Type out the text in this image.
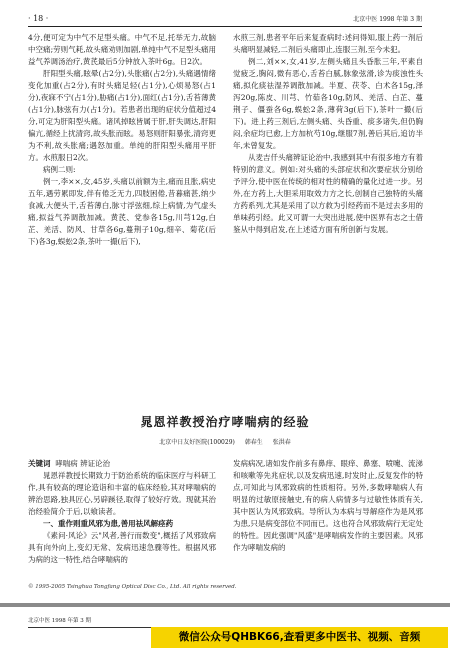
· 18 ·	北京中医 1998 年第 3 期

4分,便可定为中气不足型头痛。中气不足,托举无力,故脑中空痛;劳则气耗,故头痛劝则加剧,单纯中气不足型头痛用益气养调汤治疗,黄芪最后5分钟放入茶叶6g。日2次。

肝阳型头痛,眩晕(占2分),头胀痛(占2分),头痛遇情绪变化加重(占2分),有时头痛足轻(占1分),心烦易怒(占1分),夜寐不宁(占1分),胁痛(占1分),面红(占1分),舌苔薄黄(占1分),脉弦有力(占1分)。若患者出现的症状分值超过4分,可定为肝阳型头痛。诸风掉眩皆属于肝,肝失调达,肝阳偏亢,循经上扰清窍,故头胀而眩。易怒则肝阳暴张,清窍更为不利,故头胀痛;遇怒加重。单纯的肝阳型头痛用平肝方。水煎服日2次。

病例二则:

例一,李××,女,45岁,头痛以前额为主,痛而且胀,病史五年,遇劳累即发,伴有倦乏无力,四肢困倦,昔暮痛甚,纳少食减,大便头干,舌苔薄白,脉寸浮弦细,综上病情,为气虚头痛,拟益气养调散加减。黄芪、党参各15g,川芎12g,白芷、羌活、防风、甘草各6g,蔓荆子10g,细辛、菊花(后下)各3g,蜈蚣2条,茶叶一撮(后下),

水煎三剂,患者平年后来复查病时:述问得知,服上药一剂后头痛明显减轻,二剂后头痛即止,连服三剂,至今未犯。

例二,刘××,女,41岁,左侧头痛且头昏胀三年,平素自觉疲乏,胸闷,微有恶心,舌苔白腻,脉象弦滑,诊为痰浊性头痛,拟化痰祛湿养调散加减。半夏、茯苓、白术各15g,泽泻20g,陈皮、川芎、竹茹各10g,防风、羌活、白芷、蔓荆子、僵蚕各6g,蜈蚣2条,薄荷3g(后下),茶叶一撮(后下)。进上药三剂后,左侧头痛、头昏重、痰多诸失,但仍胸闷,余症均已愈,上方加杭芍10g,继服7剂,善后其后,追访半年,未曾复发。

从麦吉仟头痛辨证论治中,我感到其中有很多地方有着特别的意义。例如:对头痛的头部症状和次要症状分别给予评分,使中医在传统的相对性的精确的量化过进一步。另外,在方药上,大胆采用取效力方之长,创制自己独特的头痛方药系列,尤其是采用了以方救为引经药而不是过去多用的单味药引经。此又可谓一大突出进展,使中医界有志之士借鉴从中得到启发,在上述适方面有所创新与发展。

晁恩祥教授治疗哮喘病的经验
北京中日友好医院(100029) 韩春生 张洪春

关键词 哮喘病 辨证论治

晁恩祥教授长期致力于防治系统的临床医疗与科研工作,具有较高的理论造诣和丰富的临床经验,其对哮喘病的辨治思路,独具匠心,另辟蹊径,取得了较好疗效。现就其治治经验简介于后,以飨读者。

一、重作则重风邪为患,善用祛风解痉药

《素问·风论》云"风者,善行而数变",概括了风邪致病具有向外向上,变幻无常、发病迅速急骤等性。根据风邪为病的这一特性,结合哮喘病的

发病病况,诸如发作前多有鼻痒、眼痒、鼻塞、喷嚏、流涕和咳嗽等先兆症状,以及发病迅速,时发时止,反复发作的特点,可知此与风邪致病的性质相符。另外,多数哮喘病人有明显的过敏原接触史,有的病人病情多与过敏性体质有关,其中医认为风邪致病。导所认为本病与导解痉作为是风邪为患,只是病变部位不同而已。这也符合风邪致病行无定处的特性。因此强调"风盛"是哮喘病发作的主要因素。风邪作为哮喘发病的

© 1995-2005 Tsinghua Tongfang Optical Disc Co., Ltd. All rights reserved.
北京中医 1998 年第 3 期
微信公众号QHBK66,查看更多中医书、视频、音频
